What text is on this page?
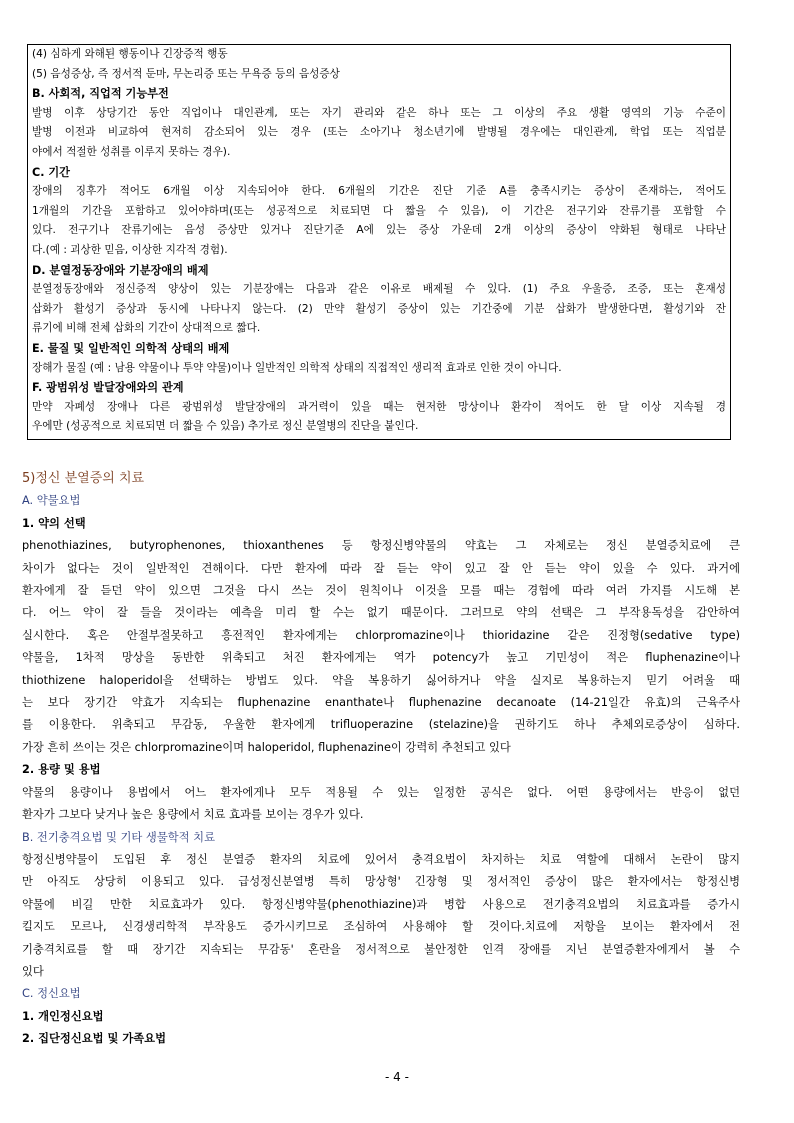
(4) 심하게 와해된 행동이나 긴장증적 행동

(5) 음성증상, 즉 정서적 둔마, 무논리증 또는 무욕증 등의 음성증상

B. 사회적, 직업적 기능부전

발병 이후 상당기간 동안 직업이나 대인관계, 또는 자기 관리와 같은 하나 또는 그 이상의 주요 생활 영역의 기능 수준이

발병 이전과 비교하여 현저히 감소되어 있는 경우 (또는 소아기나 청소년기에 발병될 경우에는 대인관계, 학업 또는 직업분

야에서 적절한 성취를 이루지 못하는 경우).

C. 기간

장애의 징후가 적어도 6개월 이상 지속되어야 한다. 6개월의 기간은 진단 기준 A를 충족시키는 증상이 존재하는, 적어도

1개월의 기간을 포함하고 있어야하며(또는 성공적으로 치료되면 다 짧을 수 있음), 이 기간은 전구기와 잔류기를 포함할 수

있다. 전구기나 잔류기에는 음성 증상만 있거나 진단기준 A에 있는 증상 가운데 2개 이상의 증상이 약화된 형태로 나타난

다.(예 : 괴상한 믿음, 이상한 지각적 경험).

D. 분열정동장애와 기분장애의 배제

분열정동장애와 정신증적 양상이 있는 기분장애는 다음과 같은 이유로 배제될 수 있다. (1) 주요 우울증, 조증, 또는 혼재성

삽화가 활성기 증상과 동시에 나타나지 않는다. (2) 만약 활성기 증상이 있는 기간중에 기분 삽화가 발생한다면, 활성기와 잔

류기에 비해 전체 삽화의 기간이 상대적으로 짧다.

E. 물질 및 일반적인 의학적 상태의 배제

장해가 물질 (예 : 남용 약물이나 투약 약물)이나 일반적인 의학적 상태의 직접적인 생리적 효과로 인한 것이 아니다.

F. 광범위성 발달장애와의 관계

만약 자폐성 장애나 다른 광범위성 발달장애의 과거력이 있을 때는 현저한 망상이나 환각이 적어도 한 달 이상 지속될 경

우에만 (성공적으로 치료되면 더 짧을 수 있음) 추가로 정신 분열병의 진단을 붙인다.

5)정신 분열증의 치료

A. 약물요법

1. 약의 선택

phenothiazines, butyrophenones, thioxanthenes 등 항정신병약물의 약효는 그 자체로는 정신 분열증치료에 큰

차이가 없다는 것이 일반적인 견해이다. 다만 환자에 따라 잘 듣는 약이 있고 잘 안 듣는 약이 있을 수 있다. 과거에

환자에게 잘 듣던 약이 있으면 그것을 다시 쓰는 것이 원칙이나 이것을 모를 때는 경험에 따라 여러 가지를 시도해 본

다. 어느 약이 잘 들을 것이라는 예측을 미리 할 수는 없기 때문이다. 그러므로 약의 선택은 그 부작용독성을 감안하여

실시한다. 혹은 안절부절못하고 흥전적인 환자에게는 chlorpromazine이나 thioridazine 같은 진정형(sedative type)

약물을, 1차적 망상을 동반한 위축되고 처진 환자에게는 역가 potency가 높고 기민성이 적은 fluphenazine이나

thiothizene haloperidol을 선택하는 방법도 있다. 약을 복용하기 싫어하거나 약을 실지로 복용하는지 믿기 어려울 때

는 보다 장기간 약효가 지속되는 fluphenazine enanthate나 fluphenazine decanoate (14-21일간 유효)의 근육주사

를 이용한다. 위축되고 무감동, 우울한 환자에게 trifluoperazine (stelazine)을 권하기도 하나 추체외로증상이 심하다.

가장 흔히 쓰이는 것은 chlorpromazine이며 haloperidol, fluphenazine이 강력히 추천되고 있다

2. 용량 및 용법

약물의 용량이나 용법에서 어느 환자에게나 모두 적용될 수 있는 일정한 공식은 없다. 어떤 용량에서는 반응이 없던

환자가 그보다 낮거나 높은 용량에서 치료 효과를 보이는 경우가 있다.

B. 전기충격요법 및 기타 생물학적 치료

항정신병약물이 도입된 후 정신 분열증 환자의 치료에 있어서 충격요법이 차지하는 치료 역할에 대해서 논란이 많지

만 아직도 상당히 이용되고 있다. 급성정신분열병 특히 망상형' 긴장형 및 정서적인 증상이 많은 환자에서는 항정신병

약물에 비길 만한 치료효과가 있다. 항정신병약물(phenothiazine)과 병합 사용으로 전기충격요법의 치료효과를 증가시

킬지도 모르나, 신경생리학적 부작용도 증가시키므로 조심하여 사용해야 할 것이다.치료에 저항을 보이는 환자에서 전

기충격치료를 할 때 장기간 지속되는 무감동' 혼란을 정서적으로 불안정한 인격 장애를 지닌 분열증환자에게서 볼 수

있다

C. 정신요법

1. 개인정신요법

2. 집단정신요법 및 가족요법

- 4 -
